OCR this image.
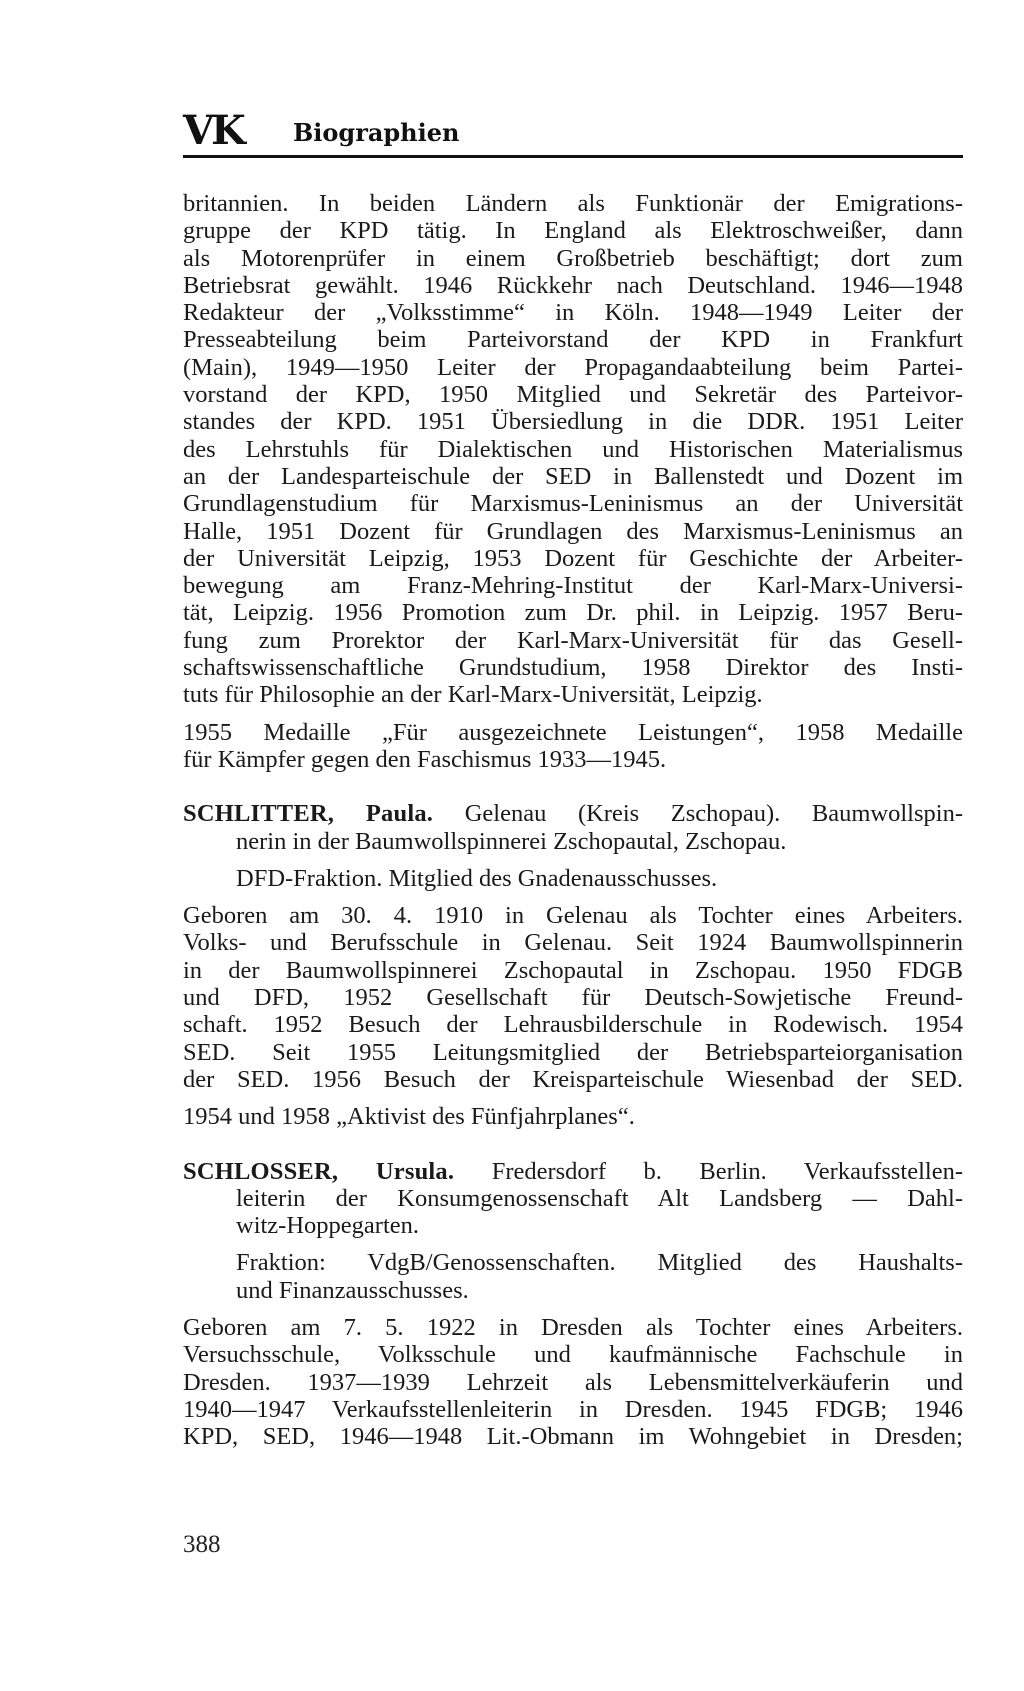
VK Biographien
britannien. In beiden Ländern als Funktionär der Emigrations-
gruppe der KPD tätig. In England als Elektroschweißer, dann
als Motorenprüfer in einem Großbetrieb beschäftigt; dort zum
Betriebsrat gewählt. 1946 Rückkehr nach Deutschland. 1946—1948
Redakteur der „Volksstimme“ in Köln. 1948—1949 Leiter der
Presseabteilung beim Parteivorstand der KPD in Frankfurt
(Main), 1949—1950 Leiter der Propagandaabteilung beim Partei-
vorstand der KPD, 1950 Mitglied und Sekretär des Parteivor-
standes der KPD. 1951 Übersiedlung in die DDR. 1951 Leiter
des Lehrstuhls für Dialektischen und Historischen Materialismus
an der Landesparteischule der SED in Ballenstedt und Dozent im
Grundlagenstudium für Marxismus-Leninismus an der Universität
Halle, 1951 Dozent für Grundlagen des Marxismus-Leninismus an
der Universität Leipzig, 1953 Dozent für Geschichte der Arbeiter-
bewegung am Franz-Mehring-Institut der Karl-Marx-Universi-
tät, Leipzig. 1956 Promotion zum Dr. phil. in Leipzig. 1957 Beru-
fung zum Prorektor der Karl-Marx-Universität für das Gesell-
schaftswissenschaftliche Grundstudium, 1958 Direktor des Insti-
tuts für Philosophie an der Karl-Marx-Universität, Leipzig.
1955 Medaille „Für ausgezeichnete Leistungen“, 1958 Medaille
für Kämpfer gegen den Faschismus 1933—1945.
SCHLITTER, Paula. Gelenau (Kreis Zschopau). Baumwollspin-
nerin in der Baumwollspinnerei Zschopautal, Zschopau.
DFD-Fraktion. Mitglied des Gnadenausschusses.
Geboren am 30. 4. 1910 in Gelenau als Tochter eines Arbeiters.
Volks- und Berufsschule in Gelenau. Seit 1924 Baumwollspinnerin
in der Baumwollspinnerei Zschopautal in Zschopau. 1950 FDGB
und DFD, 1952 Gesellschaft für Deutsch-Sowjetische Freund-
schaft. 1952 Besuch der Lehrausbilderschule in Rodewisch. 1954
SED. Seit 1955 Leitungsmitglied der Betriebsparteiorganisation
der SED. 1956 Besuch der Kreisparteischule Wiesenbad der SED.
1954 und 1958 „Aktivist des Fünfjahrplanes“.
SCHLOSSER, Ursula. Fredersdorf b. Berlin. Verkaufsstellen-
leiterin der Konsumgenossenschaft Alt Landsberg — Dahl-
witz-Hoppegarten.
Fraktion: VdgB/Genossenschaften. Mitglied des Haushalts-
und Finanzausschusses.
Geboren am 7. 5. 1922 in Dresden als Tochter eines Arbeiters.
Versuchsschule, Volksschule und kaufmännische Fachschule in
Dresden. 1937—1939 Lehrzeit als Lebensmittelverkäuferin und
1940—1947 Verkaufsstellenleiterin in Dresden. 1945 FDGB; 1946
KPD, SED, 1946—1948 Lit.-Obmann im Wohngebiet in Dresden;
388
